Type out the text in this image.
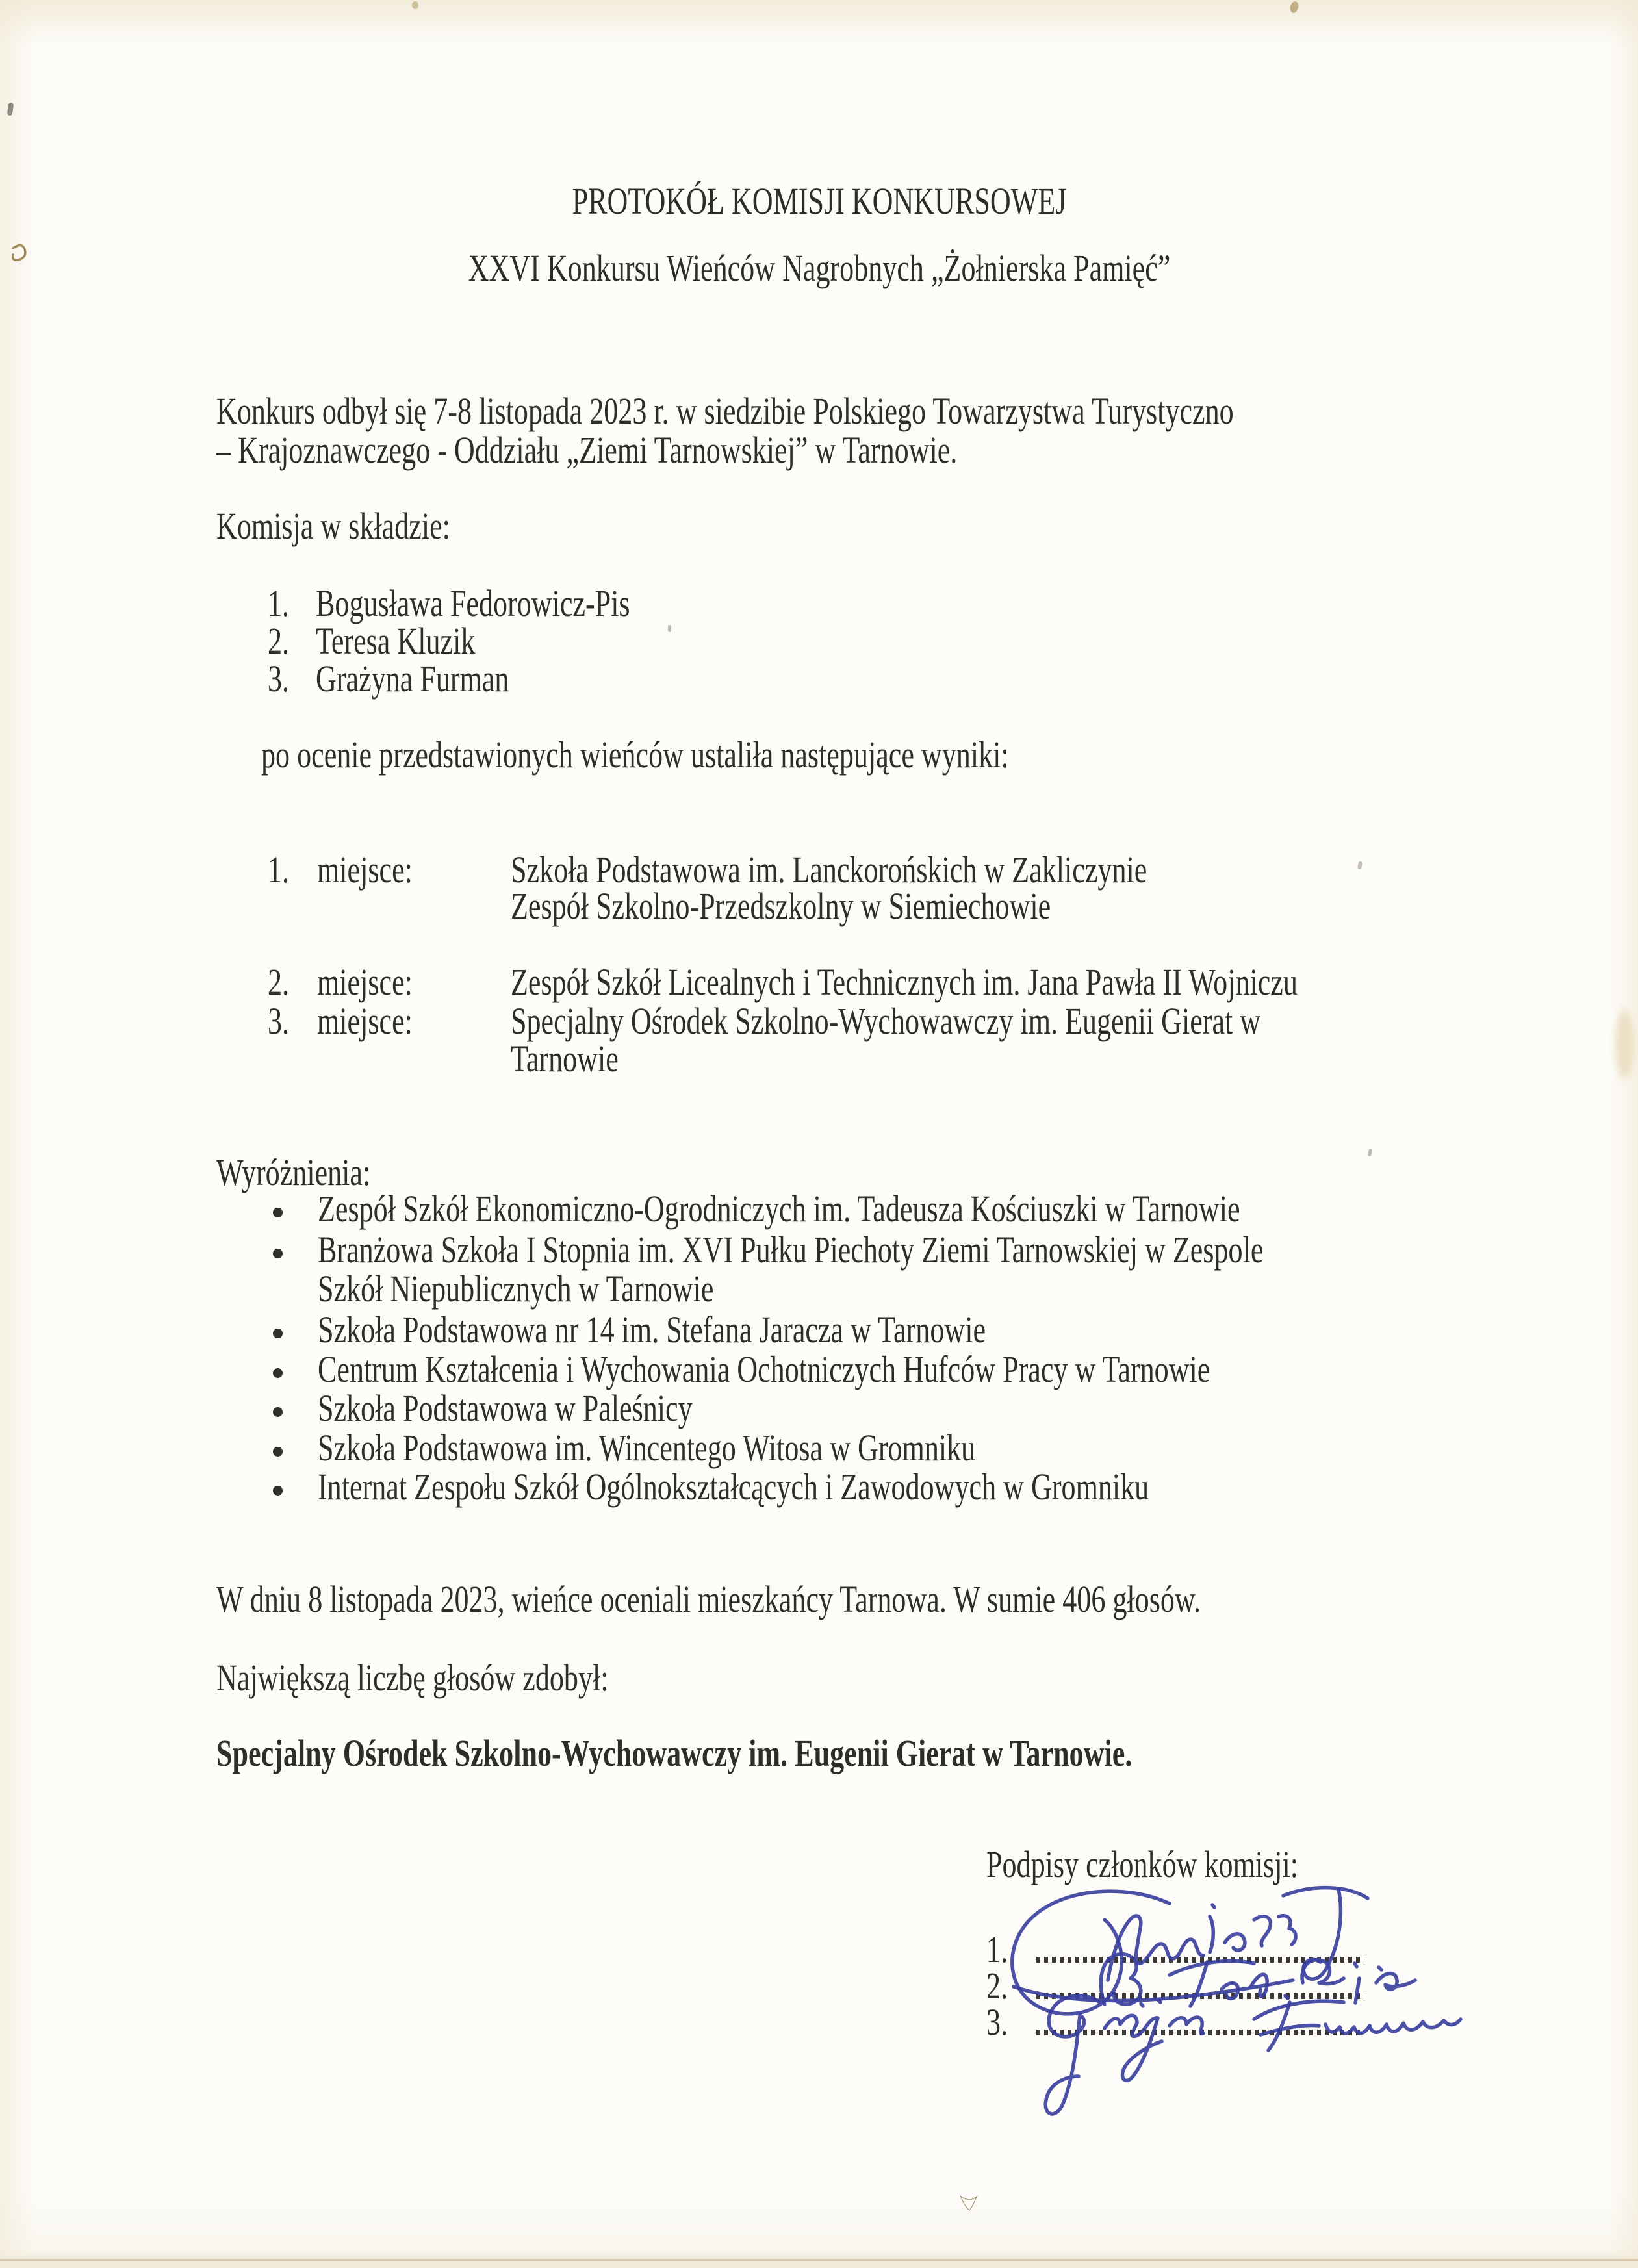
PROTOKÓŁ KOMISJI KONKURSOWEJ
XXVI Konkursu Wieńców Nagrobnych „Żołnierska Pamięć”
Konkurs odbył się 7-8 listopada 2023 r. w siedzibie Polskiego Towarzystwa Turystyczno
– Krajoznawczego - Oddziału „Ziemi Tarnowskiej” w Tarnowie.
Komisja w składzie:
1. Bogusława Fedorowicz-Pis
2. Teresa Kluzik
3. Grażyna Furman
po ocenie przedstawionych wieńców ustaliła następujące wyniki:
1. miejsce:	Szkoła Podstawowa im. Lanckorońskich w Zakliczynie
Zespół Szkolno-Przedszkolny w Siemiechowie
2. miejsce:	Zespół Szkół Licealnych i Technicznych im. Jana Pawła II Wojniczu
3. miejsce:	Specjalny Ośrodek Szkolno-Wychowawczy im. Eugenii Gierat w
Tarnowie
Wyróżnienia:
Zespół Szkół Ekonomiczno-Ogrodniczych im. Tadeusza Kościuszki w Tarnowie
Branżowa Szkoła I Stopnia im. XVI Pułku Piechoty Ziemi Tarnowskiej w Zespole
Szkół Niepublicznych w Tarnowie
Szkoła Podstawowa nr 14 im. Stefana Jaracza w Tarnowie
Centrum Kształcenia i Wychowania Ochotniczych Hufców Pracy w Tarnowie
Szkoła Podstawowa w Paleśnicy
Szkoła Podstawowa im. Wincentego Witosa w Gromniku
Internat Zespołu Szkół Ogólnokształcących i Zawodowych w Gromniku
W dniu 8 listopada 2023, wieńce oceniali mieszkańcy Tarnowa. W sumie 406 głosów.
Największą liczbę głosów zdobył:
Specjalny Ośrodek Szkolno-Wychowawczy im. Eugenii Gierat w Tarnowie.
Podpisy członków komisji:
1.
2.
3.
